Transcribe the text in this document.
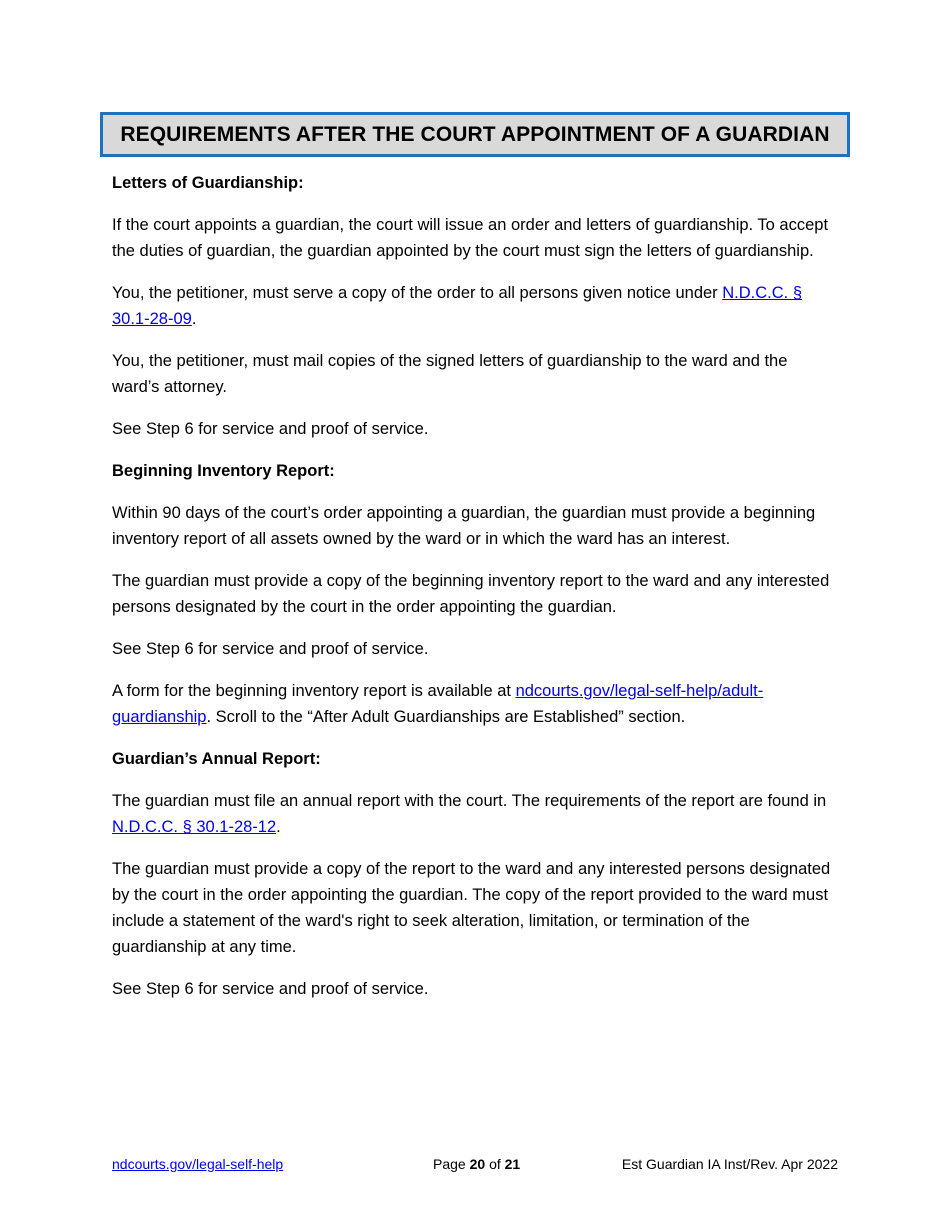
REQUIREMENTS AFTER THE COURT APPOINTMENT OF A GUARDIAN

Letters of Guardianship:

If the court appoints a guardian, the court will issue an order and letters of guardianship. To accept the duties of guardian, the guardian appointed by the court must sign the letters of guardianship.

You, the petitioner, must serve a copy of the order to all persons given notice under N.D.C.C. § 30.1-28-09.

You, the petitioner, must mail copies of the signed letters of guardianship to the ward and the ward’s attorney.

See Step 6 for service and proof of service.

Beginning Inventory Report:

Within 90 days of the court’s order appointing a guardian, the guardian must provide a beginning inventory report of all assets owned by the ward or in which the ward has an interest.

The guardian must provide a copy of the beginning inventory report to the ward and any interested persons designated by the court in the order appointing the guardian.

See Step 6 for service and proof of service.

A form for the beginning inventory report is available at ndcourts.gov/legal-self-help/adult-guardianship. Scroll to the “After Adult Guardianships are Established” section.

Guardian’s Annual Report:

The guardian must file an annual report with the court. The requirements of the report are found in N.D.C.C. § 30.1-28-12.

The guardian must provide a copy of the report to the ward and any interested persons designated by the court in the order appointing the guardian. The copy of the report provided to the ward must include a statement of the ward's right to seek alteration, limitation, or termination of the guardianship at any time.

See Step 6 for service and proof of service.

ndcourts.gov/legal-self-help	Page 20 of 21	Est Guardian IA Inst/Rev. Apr 2022
